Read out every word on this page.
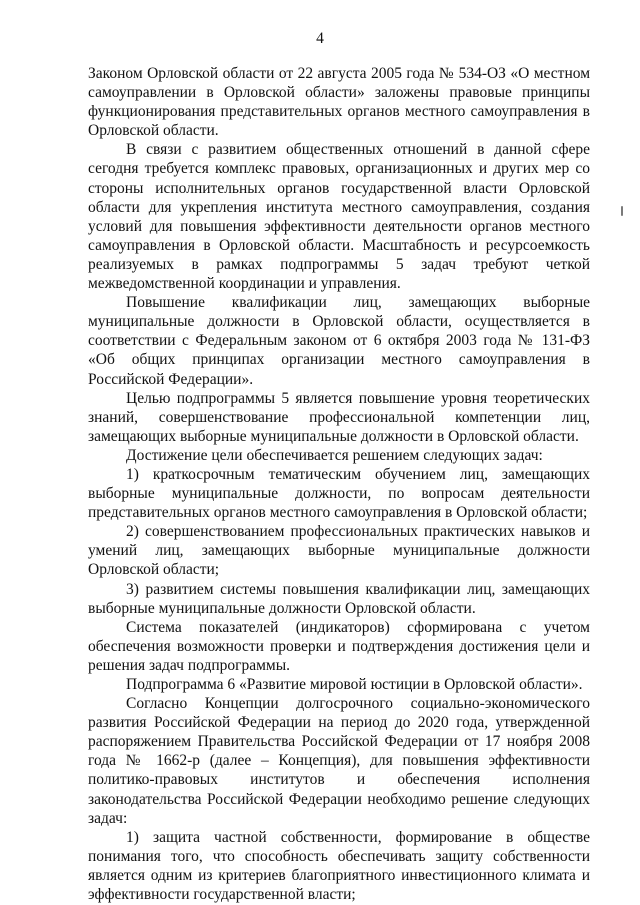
4

Законом Орловской области от 22 августа 2005 года № 534-ОЗ «О местном самоуправлении в Орловской области» заложены правовые принципы функционирования представительных органов местного самоуправления в Орловской области.

В связи с развитием общественных отношений в данной сфере сегодня требуется комплекс правовых, организационных и других мер со стороны исполнительных органов государственной власти Орловской области для укрепления института местного самоуправления, создания условий для повышения эффективности деятельности органов местного самоуправления в Орловской области. Масштабность и ресурсоемкость реализуемых в рамках подпрограммы 5 задач требуют четкой межведомственной координации и управления.

Повышение квалификации лиц, замещающих выборные муниципальные должности в Орловской области, осуществляется в соответствии с Федеральным законом от 6 октября 2003 года № 131-ФЗ «Об общих принципах организации местного самоуправления в Российской Федерации».

Целью подпрограммы 5 является повышение уровня теоретических знаний, совершенствование профессиональной компетенции лиц, замещающих выборные муниципальные должности в Орловской области.

Достижение цели обеспечивается решением следующих задач:

1) краткосрочным тематическим обучением лиц, замещающих выборные муниципальные должности, по вопросам деятельности представительных органов местного самоуправления в Орловской области;

2) совершенствованием профессиональных практических навыков и умений лиц, замещающих выборные муниципальные должности Орловской области;

3) развитием системы повышения квалификации лиц, замещающих выборные муниципальные должности Орловской области.

Система показателей (индикаторов) сформирована с учетом обеспечения возможности проверки и подтверждения достижения цели и решения задач подпрограммы.

Подпрограмма 6 «Развитие мировой юстиции в Орловской области».

Согласно Концепции долгосрочного социально-экономического развития Российской Федерации на период до 2020 года, утвержденной распоряжением Правительства Российской Федерации от 17 ноября 2008 года № 1662-р (далее – Концепция), для повышения эффективности политико-правовых институтов и обеспечения исполнения законодательства Российской Федерации необходимо решение следующих задач:

1) защита частной собственности, формирование в обществе понимания того, что способность обеспечивать защиту собственности является одним из критериев благоприятного инвестиционного климата и эффективности государственной власти;
